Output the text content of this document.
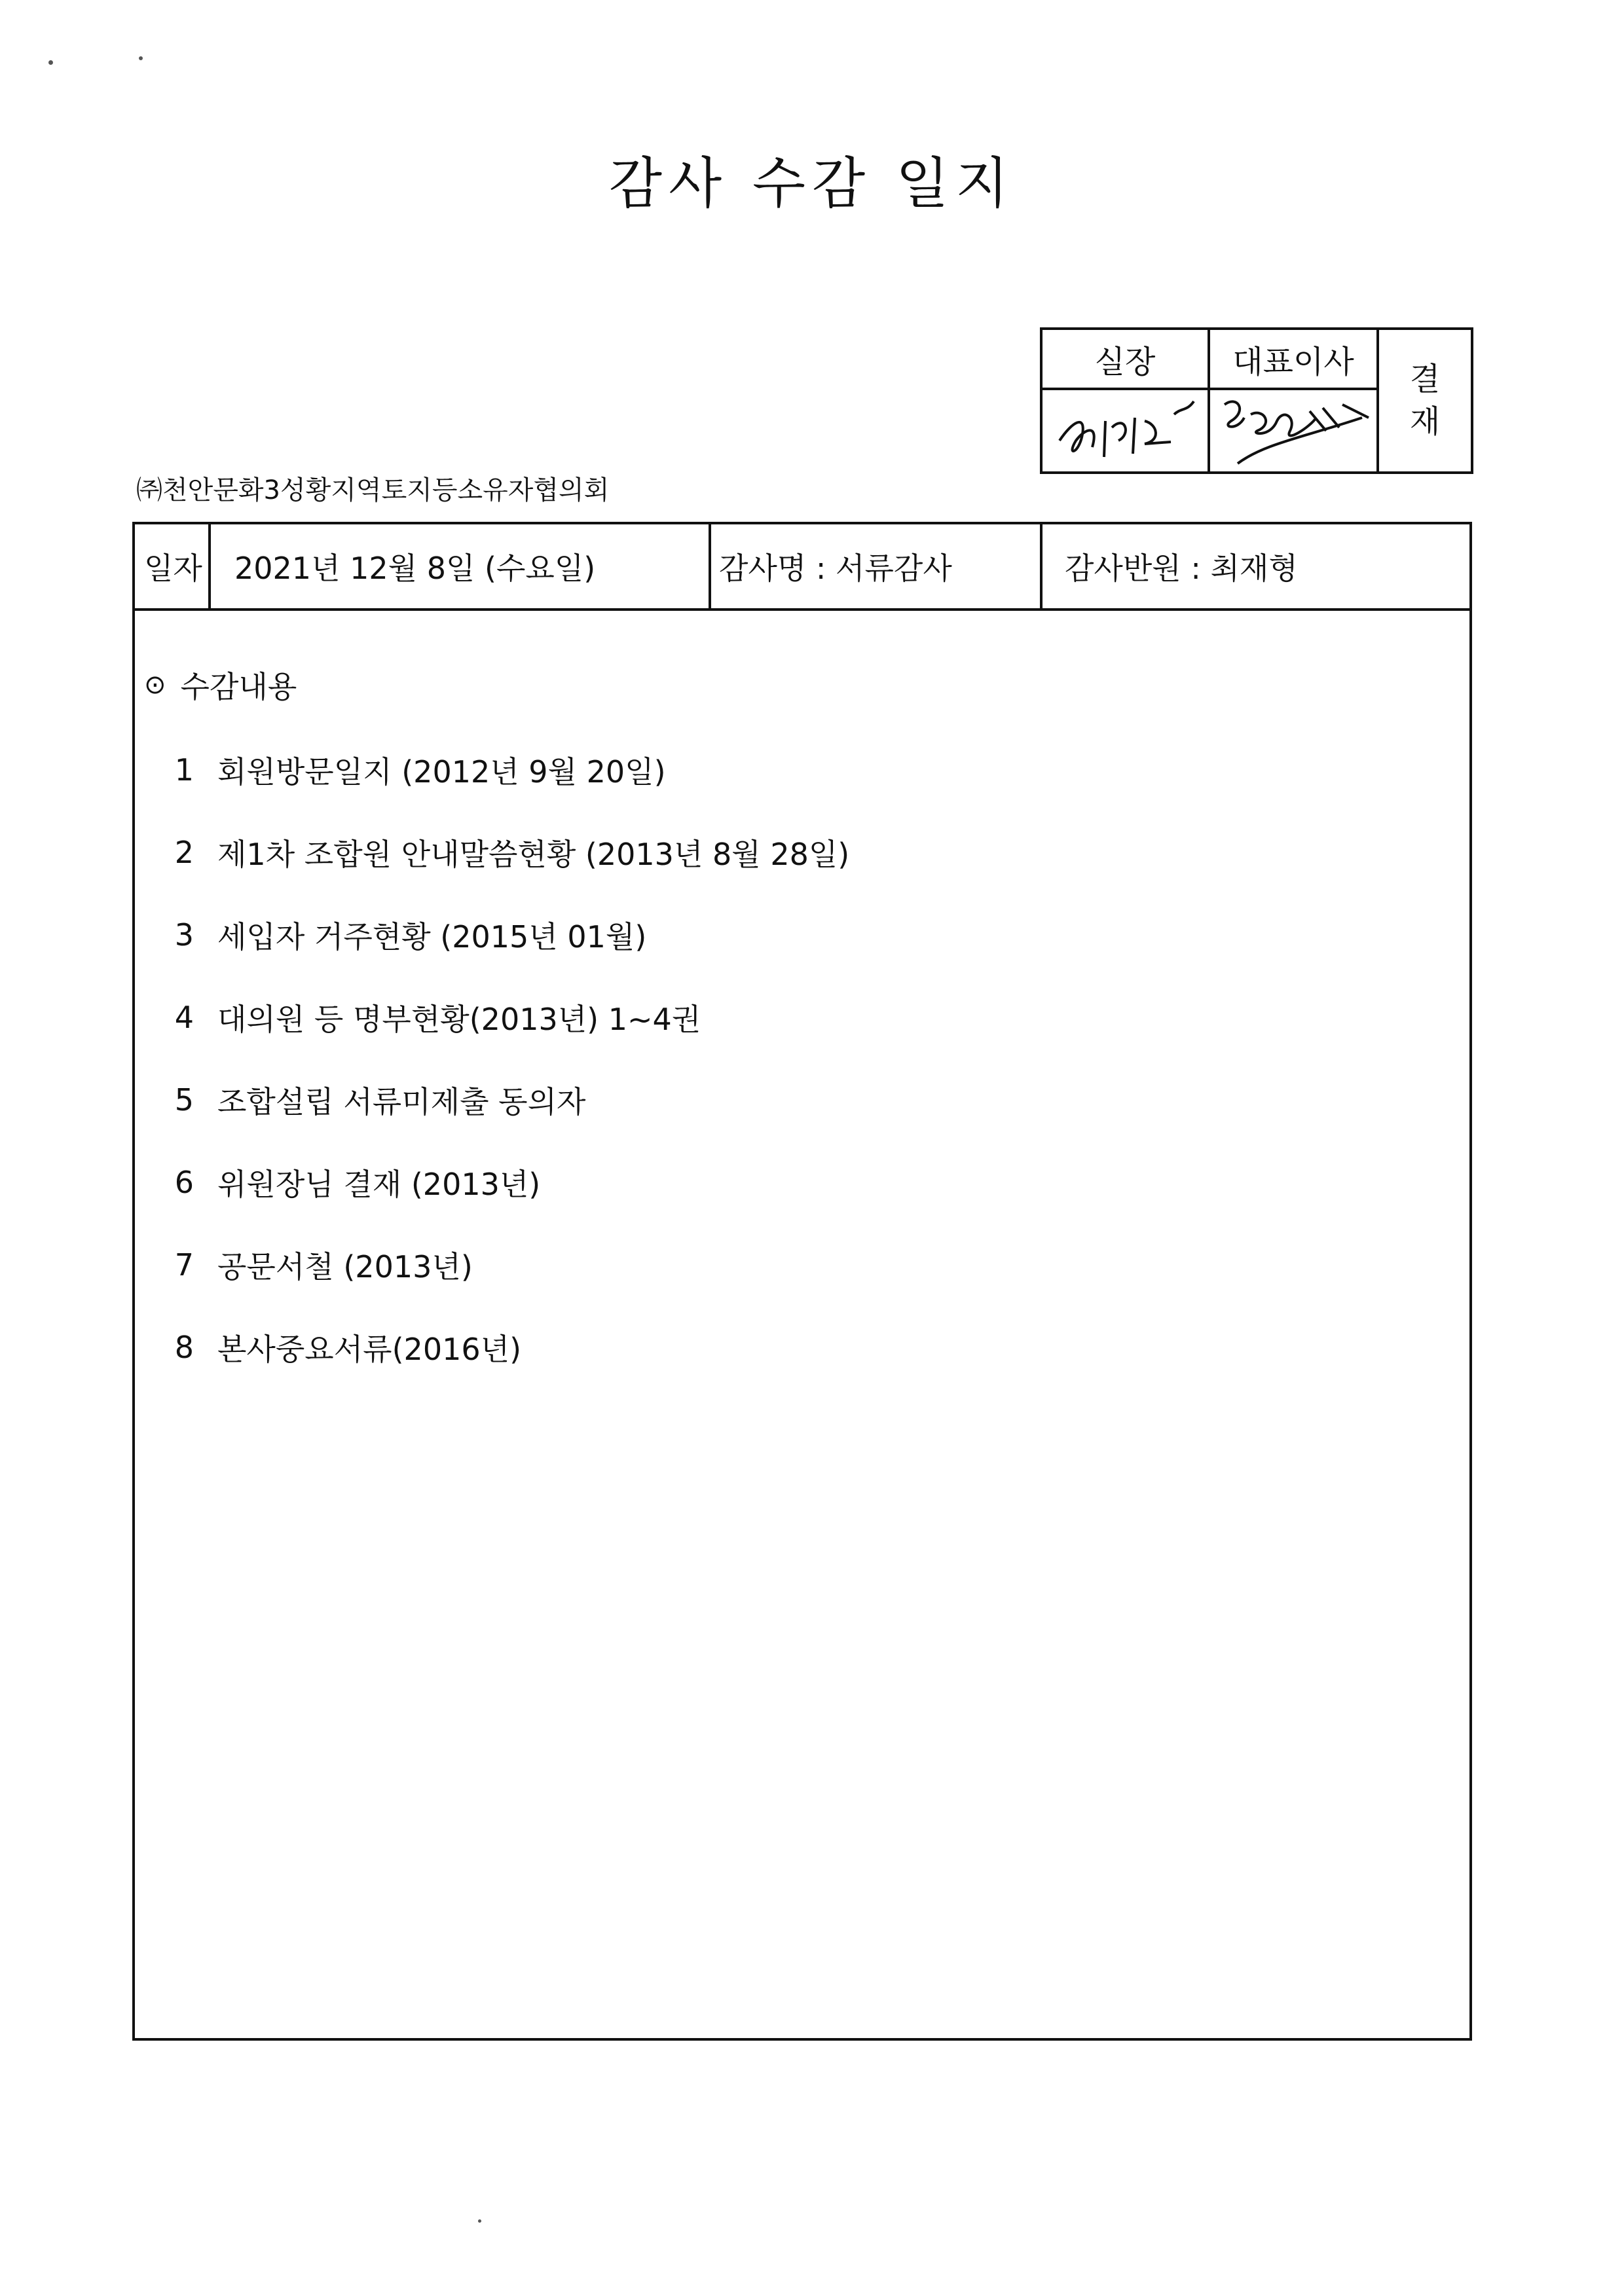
감사 수감 일지
실장	대표이사	결
재

㈜천안문화3성황지역토지등소유자협의회
일자 2021년 12월 8일 (수요일)	감사명 : 서류감사	감사반원 : 최재형
⊙ 수감내용
1 회원방문일지 (2012년 9월 20일)
2 제1차 조합원 안내말씀현황 (2013년 8월 28일)
3 세입자 거주현황 (2015년 01월)
4 대의원 등 명부현황(2013년) 1~4권
5 조합설립 서류미제출 동의자
6 위원장님 결재 (2013년)
7 공문서철 (2013년)
8 본사중요서류(2016년)
